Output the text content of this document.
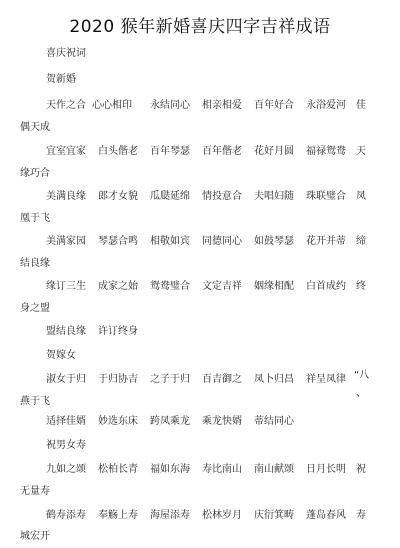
2020 猴年新婚喜庆四字吉祥成语
喜庆祝词
贺新婚
天作之合 心心相印 永结同心 相亲相爱 百年好合 永浴爱河 佳
偶天成
宜室宜家 白头偕老 百年琴瑟 百年偕老 花好月圆 福禄鸳鸯 天
缘巧合
美满良缘 郎才女貌 瓜瓞延绵 情投意合 夫唱妇随 珠联璧合 凤
凰于飞
美满家园 琴瑟合鸣 相敬如宾 同德同心 如鼓琴瑟 花开并蒂 缔
结良缘
缘订三生 成家之始 鸳鸯璧合 文定吉祥 姻缘相配 白首成约 终
身之盟
盟结良缘 许订终身
贺嫁女
淑女于归 于归协吉 之子于归 百吉御之 凤卜归昌 祥呈凤律 “八
燕于飞
、
适择佳婿 妙选东床 跨凤乘龙 乘龙快婿 蒂结同心
祝男女寿
九如之颂 松柏长青 福如东海 寿比南山 南山献颂 日月长明 祝
无量寿
鹤寿添寿 奉觞上寿 海屋添寿 松林岁月 庆衍箕畴 蓬岛春风 寿
城宏开
